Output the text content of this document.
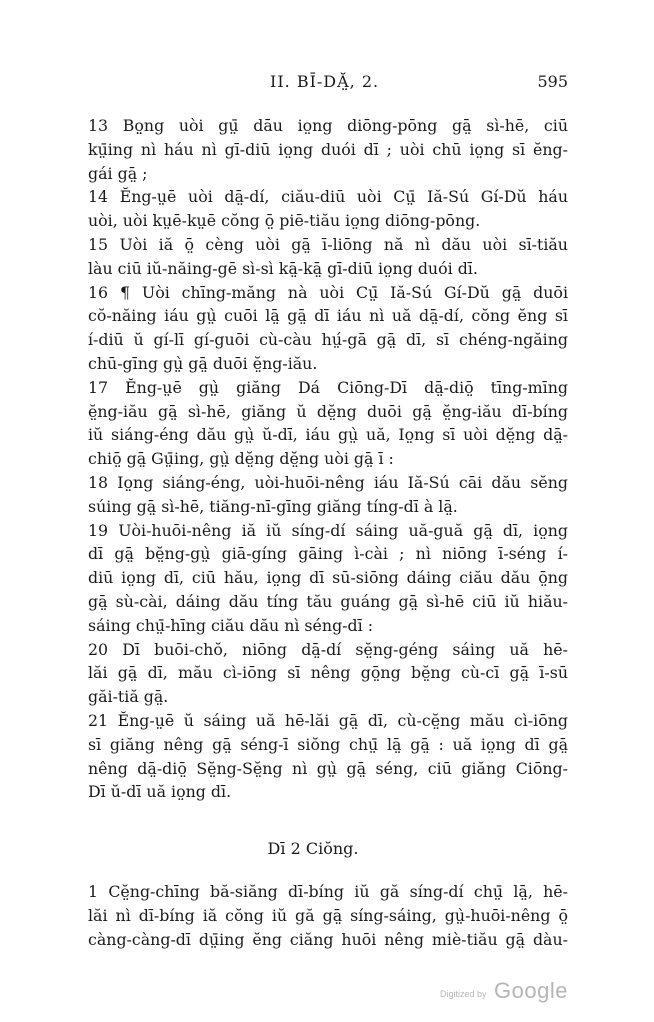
II. BĪ-DĂ̤, 2.	595
13 Bo̤̤ng uòi gṳ̄ dāu io̤ng diōng-pōng gā̤ sì-hē, ciū
kṳ̄ing nì háu nì gī-diū io̤ng duói dī ; uòi chū io̤ng sī ĕng-
gái gā̤ ;
14 Ĕng-ṳē uòi dā̤-dí, ciău-diū uòi Cṳ̄ Iă-Sú Gí-Dŭ háu
uòi, uòi kṳē-kṳē cŏng ō̤ piē-tiău io̤ng diōng-pōng.
15 Uòi iă ō̤ cèng uòi gā̤ ī-liōng nă nì dău uòi sī-tiău
làu ciū iŭ-năing-gē sì-sì kā̤-kā̤ gī-diū io̤ng duói dī.
16 ¶ Uòi chīng-măng nà uòi Cṳ̄ Iă-Sú Gí-Dŭ gā̤ duōi
cŏ-năing iáu gṳ̀ cuōi lā̤ gā̤ dī iáu nì uă dā̤-dí, cŏng ĕng sī
í-diū ŭ gí-lī gí-guōi cù-càu hṳ́-gā gā̤ dī, sī chéng-ngăing
chū-gīng gṳ̀ gā̤ duōi ĕ̤ng-iău.
17 Ĕng-ṳē gṳ̀ giăng Dá Ciōng-Dī dā̤-diō̤ tīng-mīng
ĕ̤ng-iău gā̤ sì-hē, giăng ŭ dĕ̤ng duōi gā̤ ĕ̤ng-iău dī-bíng
iŭ siáng-éng dău gṳ̀ ŭ-dī, iáu gṳ̀ uă, Io̤ng sī uòi dĕ̤ng dā̤-
chiō̤ gā̤ Gṳ̄ing, gṳ̀ dĕ̤ng dĕ̤ng uòi gā̤ ī :
18 Io̤ng siáng-éng, uòi-huōi-nêng iáu Iă-Sú cāi dău sĕng
súing gā̤ sì-hē, tiăng-nī-gīng giăng tíng-dī à lā̤.
19 Uòi-huōi-nêng iă iŭ síng-dí sáing uă-guă gā̤ dī, io̤ng
dī gā̤ bĕ̤ng-gṳ̀ giā-gíng gāing ì-cài ; nì niōng ī-séng í-
diū io̤ng dī, ciū hău, io̤ng dī sū-siōng dáing ciău dău ō̤ng
gā̤ sù-cài, dáing dău tíng tău guáng gā̤ sì-hē ciū iŭ hiău-
sáing chṳ̄-hīng ciău dău nì séng-dī :
20 Dī buōi-chŏ, niōng dā̤-dí sĕ̤ng-géng sáing uă hē-
lăi gā̤ dī, mău cì-iōng sī nêng gō̤ng bĕ̤ng cù-cī gā̤ ī-sū
găi-tiă gā̤.
21 Ĕng-ṳē ŭ sáing uă hē-lăi gā̤ dī, cù-cĕ̤ng mău cì-iōng
sī giăng nêng gā̤ séng-ī siŏng chṳ̄ lā̤ gā̤ : uă io̤ng dī gā̤
nêng dā̤-diō̤ Sĕ̤ng-Sĕ̤ng nì gṳ̀ gā̤ séng, ciū giăng Ciōng-
Dī ŭ-dī uă io̤ng dī.
Dī 2 Ciŏng.
1 Cĕ̤ng-chīng bă-siăng dī-bíng iŭ gă síng-dí chṳ̄ lā̤, hē-
lăi nì dī-bíng iă cŏng iŭ gă gā̤ síng-sáing, gṳ̀-huōi-nêng ō̤
càng-càng-dī dṳ̄ing ĕng ciăng huōi nêng miè-tiău gā̤ dàu-
Digitized by Google
